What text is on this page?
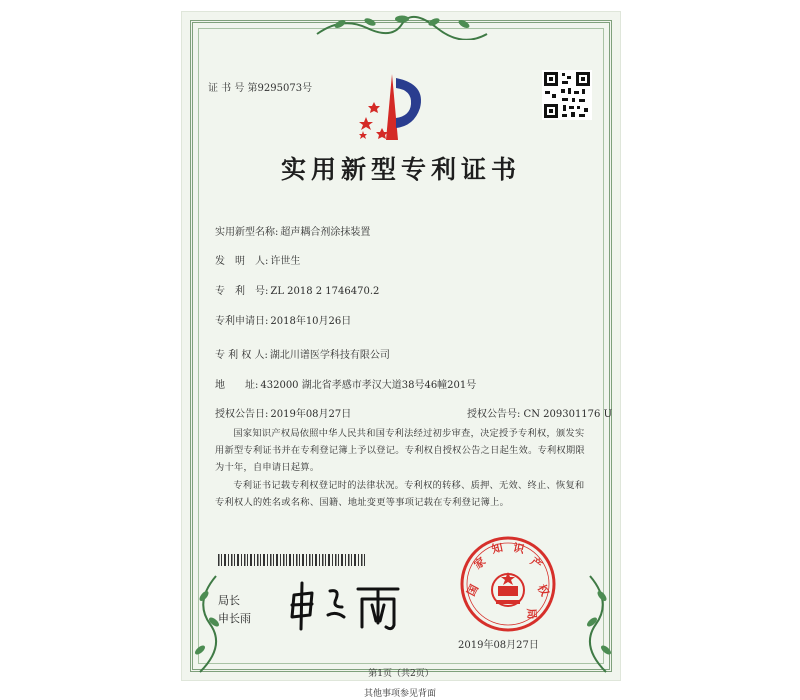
证 书 号 第9295073号
实用新型专利证书
实用新型名称: 超声耦合剂涂抹装置
发　明　人: 许世生
专　利　号: ZL 2018 2 1746470.2
专利申请日: 2018年10月26日
专 利 权 人: 湖北川谱医学科技有限公司
地　　址: 432000 湖北省孝感市孝汉大道38号46幢201号
授权公告日: 2019年08月27日	授权公告号: CN 209301176 U
国家知识产权局依照中华人民共和国专利法经过初步审查，决定授予专利权，颁发实用新型专利证书并在专利登记簿上予以登记。专利权自授权公告之日起生效。专利权期限为十年，自申请日起算。
专利证书记载专利权登记时的法律状况。专利权的转移、质押、无效、终止、恢复和专利权人的姓名或名称、国籍、地址变更等事项记载在专利登记簿上。
局长
申长雨
国
家
知 识
产
权
局
2019年08月27日
第1页（共2页）
其他事项参见背面
